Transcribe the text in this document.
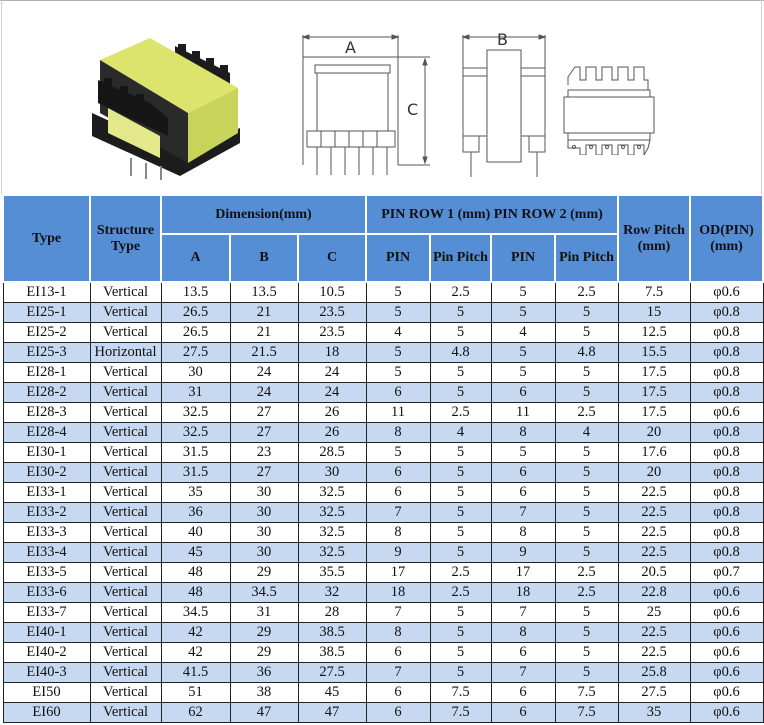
A
C
B
Type	Structure Type	Dimension(mm)			PIN ROW 1 (mm) PIN ROW 2 (mm)				Row Pitch (mm)	OD(PIN) (mm)
		A	B	C	PIN	Pin Pitch	PIN	Pin Pitch		
EI13-1	Vertical	13.5	13.5	10.5	5	2.5	5	2.5	7.5	φ0.6
EI25-1	Vertical	26.5	21	23.5	5	5	5	5	15	φ0.8
EI25-2	Vertical	26.5	21	23.5	4	5	4	5	12.5	φ0.8
EI25-3	Horizontal	27.5	21.5	18	5	4.8	5	4.8	15.5	φ0.8
EI28-1	Vertical	30	24	24	5	5	5	5	17.5	φ0.8
EI28-2	Vertical	31	24	24	6	5	6	5	17.5	φ0.8
EI28-3	Vertical	32.5	27	26	11	2.5	11	2.5	17.5	φ0.6
EI28-4	Vertical	32.5	27	26	8	4	8	4	20	φ0.8
EI30-1	Vertical	31.5	23	28.5	5	5	5	5	17.6	φ0.8
EI30-2	Vertical	31.5	27	30	6	5	6	5	20	φ0.8
EI33-1	Vertical	35	30	32.5	6	5	6	5	22.5	φ0.8
EI33-2	Vertical	36	30	32.5	7	5	7	5	22.5	φ0.8
EI33-3	Vertical	40	30	32.5	8	5	8	5	22.5	φ0.8
EI33-4	Vertical	45	30	32.5	9	5	9	5	22.5	φ0.8
EI33-5	Vertical	48	29	35.5	17	2.5	17	2.5	20.5	φ0.7
EI33-6	Vertical	48	34.5	32	18	2.5	18	2.5	22.8	φ0.6
EI33-7	Vertical	34.5	31	28	7	5	7	5	25	φ0.6
EI40-1	Vertical	42	29	38.5	8	5	8	5	22.5	φ0.6
EI40-2	Vertical	42	29	38.5	6	5	6	5	22.5	φ0.6
EI40-3	Vertical	41.5	36	27.5	7	5	7	5	25.8	φ0.6
EI50	Vertical	51	38	45	6	7.5	6	7.5	27.5	φ0.6
EI60	Vertical	62	47	47	6	7.5	6	7.5	35	φ0.6
